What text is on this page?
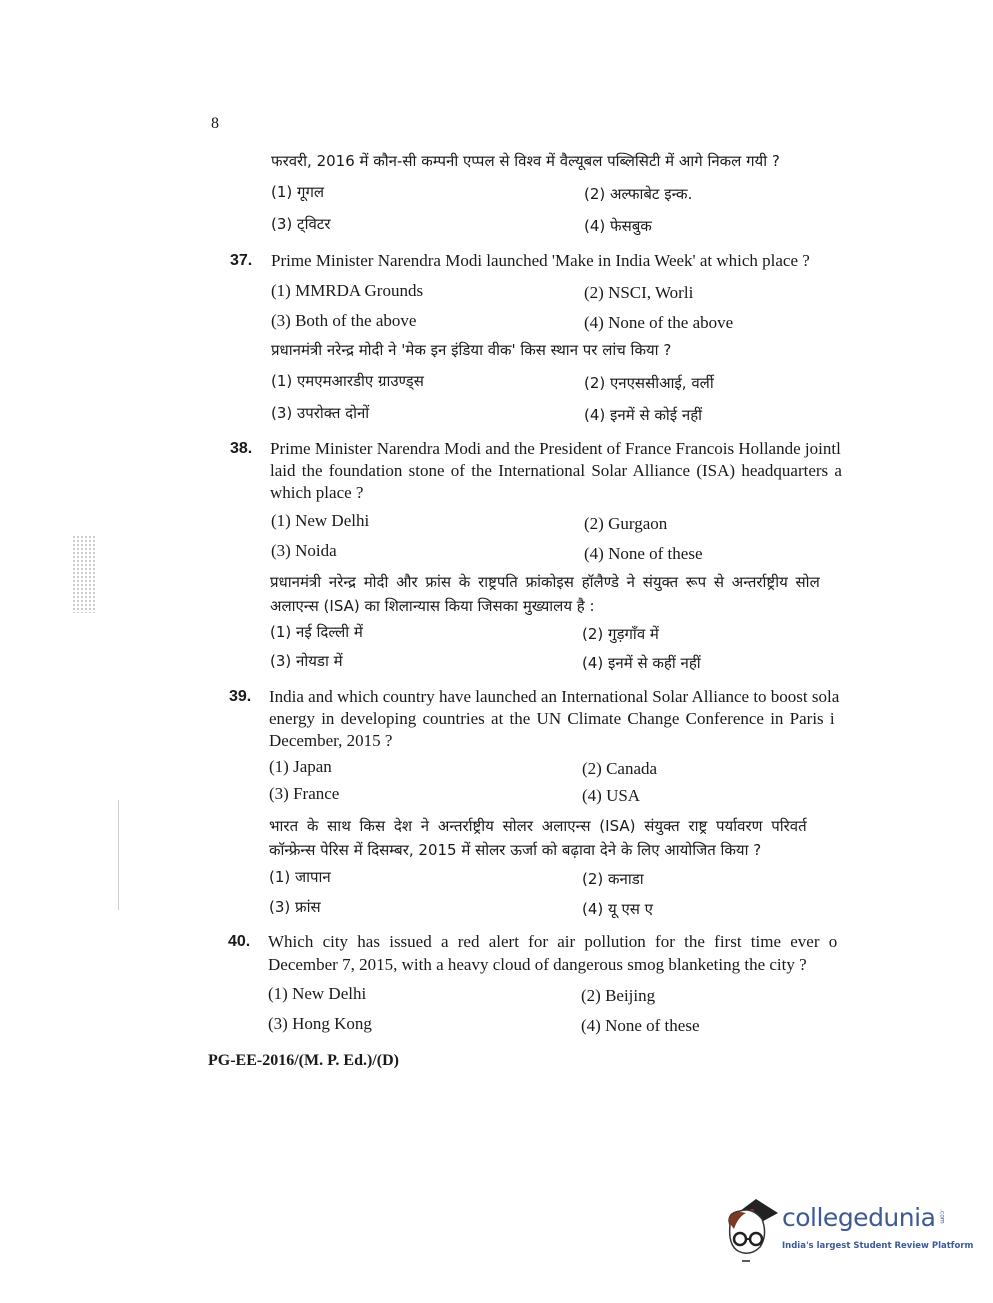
8
फरवरी, 2016 में कौन-सी कम्पनी एप्पल से विश्व में वैल्यूबल पब्लिसिटी में आगे निकल गयी ?
(1) गूगल	(2) अल्फाबेट इन्क.
(3) ट्विटर	(4) फेसबुक
37. Prime Minister Narendra Modi launched 'Make in India Week' at which place ?
(1) MMRDA Grounds	(2) NSCI, Worli
(3) Both of the above	(4) None of the above
प्रधानमंत्री नरेन्द्र मोदी ने 'मेक इन इंडिया वीक' किस स्थान पर लांच किया ?
(1) एमएमआरडीए ग्राउण्ड्स	(2) एनएससीआई, वर्ली
(3) उपरोक्त दोनों	(4) इनमें से कोई नहीं
38. Prime Minister Narendra Modi and the President of France Francois Hollande jointl
laid the foundation stone of the International Solar Alliance (ISA) headquarters a
which place ?
(1) New Delhi	(2) Gurgaon
(3) Noida	(4) None of these
प्रधानमंत्री नरेन्द्र मोदी और फ्रांस के राष्ट्रपति फ्रांकोइस हॉलैण्डे ने संयुक्त रूप से अन्तर्राष्ट्रीय सोल
अलाएन्स (ISA) का शिलान्यास किया जिसका मुख्यालय है :
(1) नई दिल्ली में	(2) गुड़गाँव में
(3) नोयडा में	(4) इनमें से कहीं नहीं
39. India and which country have launched an International Solar Alliance to boost sola
energy in developing countries at the UN Climate Change Conference in Paris i
December, 2015 ?
(1) Japan	(2) Canada
(3) France	(4) USA
भारत के साथ किस देश ने अन्तर्राष्ट्रीय सोलर अलाएन्स (ISA) संयुक्त राष्ट्र पर्यावरण परिवर्त
कॉन्फ्रेन्स पेरिस में दिसम्बर, 2015 में सोलर ऊर्जा को बढ़ावा देने के लिए आयोजित किया ?
(1) जापान	(2) कनाडा
(3) फ्रांस	(4) यू एस ए
40. Which city has issued a red alert for air pollution for the first time ever o
December 7, 2015, with a heavy cloud of dangerous smog blanketing the city ?
(1) New Delhi	(2) Beijing
(3) Hong Kong	(4) None of these
PG-EE-2016/(M. P. Ed.)/(D)
collegedunia .com
India's largest Student Review Platform
